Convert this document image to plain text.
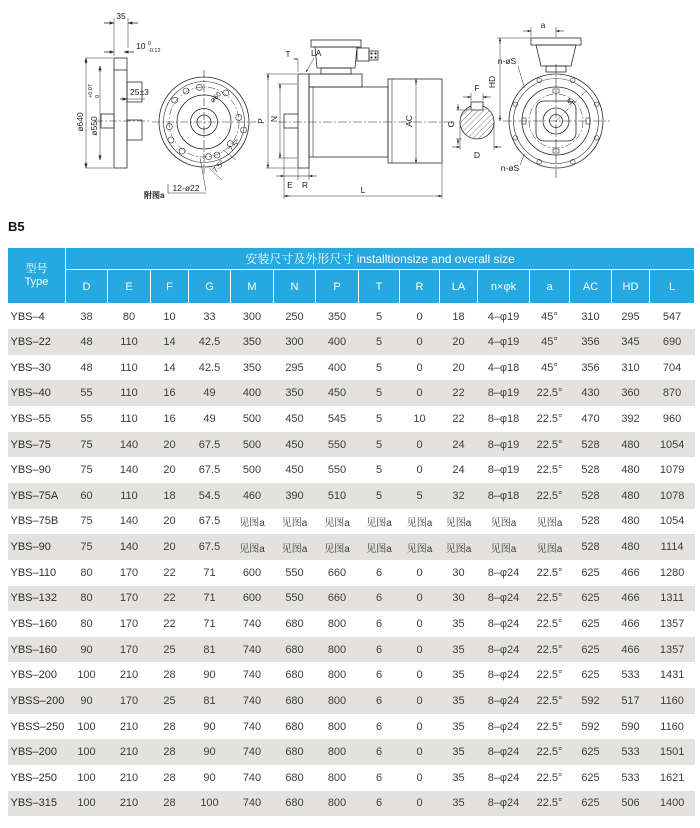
35
10 0
-0.12
25±3
ø640 ø550
+0.07 0
12-ø22
7.5°
7.5°
ø60
附图a
T LA
P N
E R	L
AC
F
G
D
a
n-øS
HD
n-øS
M
B5
型号
Type	安装尺寸及外形尺寸 installtionsize and overall size														
	D	E	F	G	M	N	P	T	R	LA	n×φk	a	AC	HD	L
YBS–4	38	80	10	33	300	250	350	5	0	18	4–φ19	45°	310	295	547
YBS–22	48	110	14	42.5	350	300	400	5	0	20	4–φ19	45°	356	345	690
YBS–30	48	110	14	42.5	350	295	400	5	0	20	4–φ18	45°	356	310	704
YBS–40	55	110	16	49	400	350	450	5	0	22	8–φ19	22.5°	430	360	870
YBS–55	55	110	16	49	500	450	545	5	10	22	8–φ18	22.5°	470	392	960
YBS–75	75	140	20	67.5	500	450	550	5	0	24	8–φ19	22.5°	528	480	1054
YBS–90	75	140	20	67.5	500	450	550	5	0	24	8–φ19	22.5°	528	480	1079
YBS–75A	60	110	18	54.5	460	390	510	5	5	32	8–φ18	22.5°	528	480	1078
YBS–75B	75	140	20	67.5	见图a	见图a	见图a	见图a	见图a	见图a	见图a	见图a	528	480	1054
YBS–90	75	140	20	67.5	见图a	见图a	见图a	见图a	见图a	见图a	见图a	见图a	528	480	1114
YBS–110	80	170	22	71	600	550	660	6	0	30	8–φ24	22.5°	625	466	1280
YBS–132	80	170	22	71	600	550	660	6	0	30	8–φ24	22.5°	625	466	1311
YBS–160	80	170	22	71	740	680	800	6	0	35	8–φ24	22.5°	625	466	1357
YBS–160	90	170	25	81	740	680	800	6	0	35	8–φ24	22.5°	625	466	1357
YBS–200	100	210	28	90	740	680	800	6	0	35	8–φ24	22.5°	625	533	1431
YBSS–200	90	170	25	81	740	680	800	6	0	35	8–φ24	22.5°	592	517	1160
YBSS–250	100	210	28	90	740	680	800	6	0	35	8–φ24	22.5°	592	590	1160
YBS–200	100	210	28	90	740	680	800	6	0	35	8–φ24	22.5°	625	533	1501
YBS–250	100	210	28	90	740	680	800	6	0	35	8–φ24	22.5°	625	533	1621
YBS–315	100	210	28	100	740	680	800	6	0	35	8–φ24	22.5°	625	506	1400
